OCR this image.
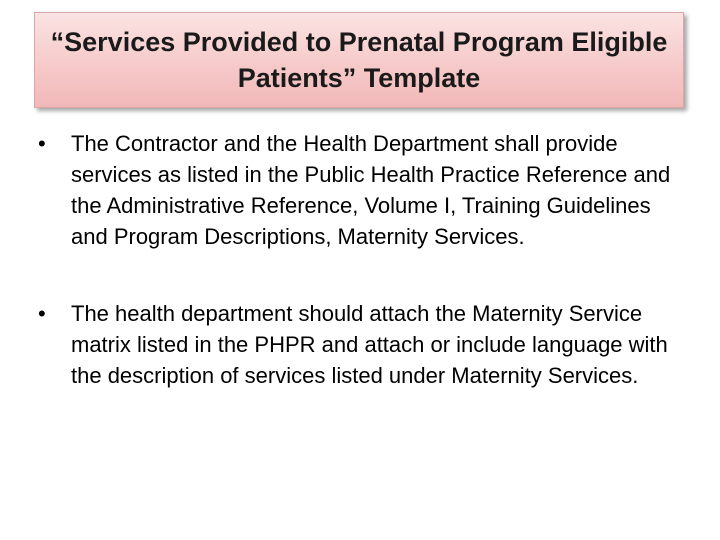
“Services Provided to Prenatal Program Eligible Patients” Template
•	The Contractor and the Health Department shall provide services as listed in the Public Health Practice Reference and the Administrative Reference, Volume I, Training Guidelines and Program Descriptions, Maternity Services.
•	The health department should attach the Maternity Service matrix listed in the PHPR and attach or include language with the description of services listed under Maternity Services.
